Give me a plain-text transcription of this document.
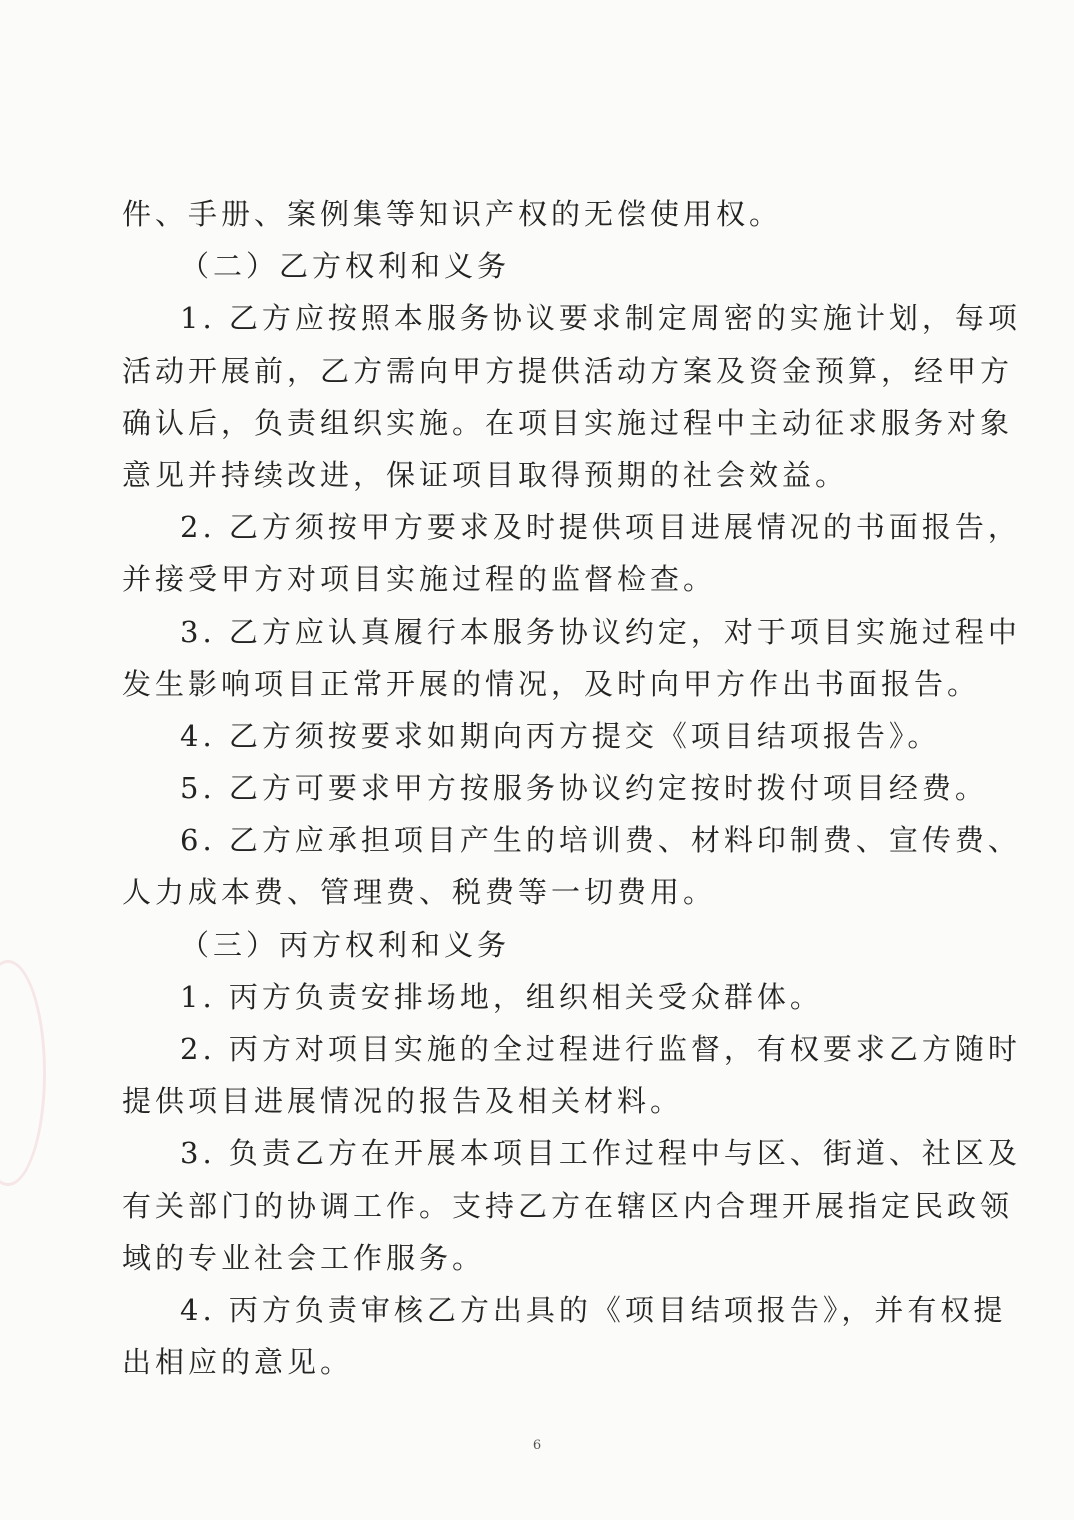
件、手册、案例集等知识产权的无偿使用权。
（二）乙方权利和义务
1. 乙方应按照本服务协议要求制定周密的实施计划，每项
活动开展前，乙方需向甲方提供活动方案及资金预算，经甲方
确认后，负责组织实施。在项目实施过程中主动征求服务对象
意见并持续改进，保证项目取得预期的社会效益。
2. 乙方须按甲方要求及时提供项目进展情况的书面报告，
并接受甲方对项目实施过程的监督检查。
3. 乙方应认真履行本服务协议约定，对于项目实施过程中
发生影响项目正常开展的情况，及时向甲方作出书面报告。
4. 乙方须按要求如期向丙方提交《项目结项报告》。
5. 乙方可要求甲方按服务协议约定按时拨付项目经费。
6. 乙方应承担项目产生的培训费、材料印制费、宣传费、
人力成本费、管理费、税费等一切费用。
（三）丙方权利和义务
1. 丙方负责安排场地，组织相关受众群体。
2. 丙方对项目实施的全过程进行监督，有权要求乙方随时
提供项目进展情况的报告及相关材料。
3. 负责乙方在开展本项目工作过程中与区、街道、社区及
有关部门的协调工作。支持乙方在辖区内合理开展指定民政领
域的专业社会工作服务。
4. 丙方负责审核乙方出具的《项目结项报告》，并有权提
出相应的意见。
6
